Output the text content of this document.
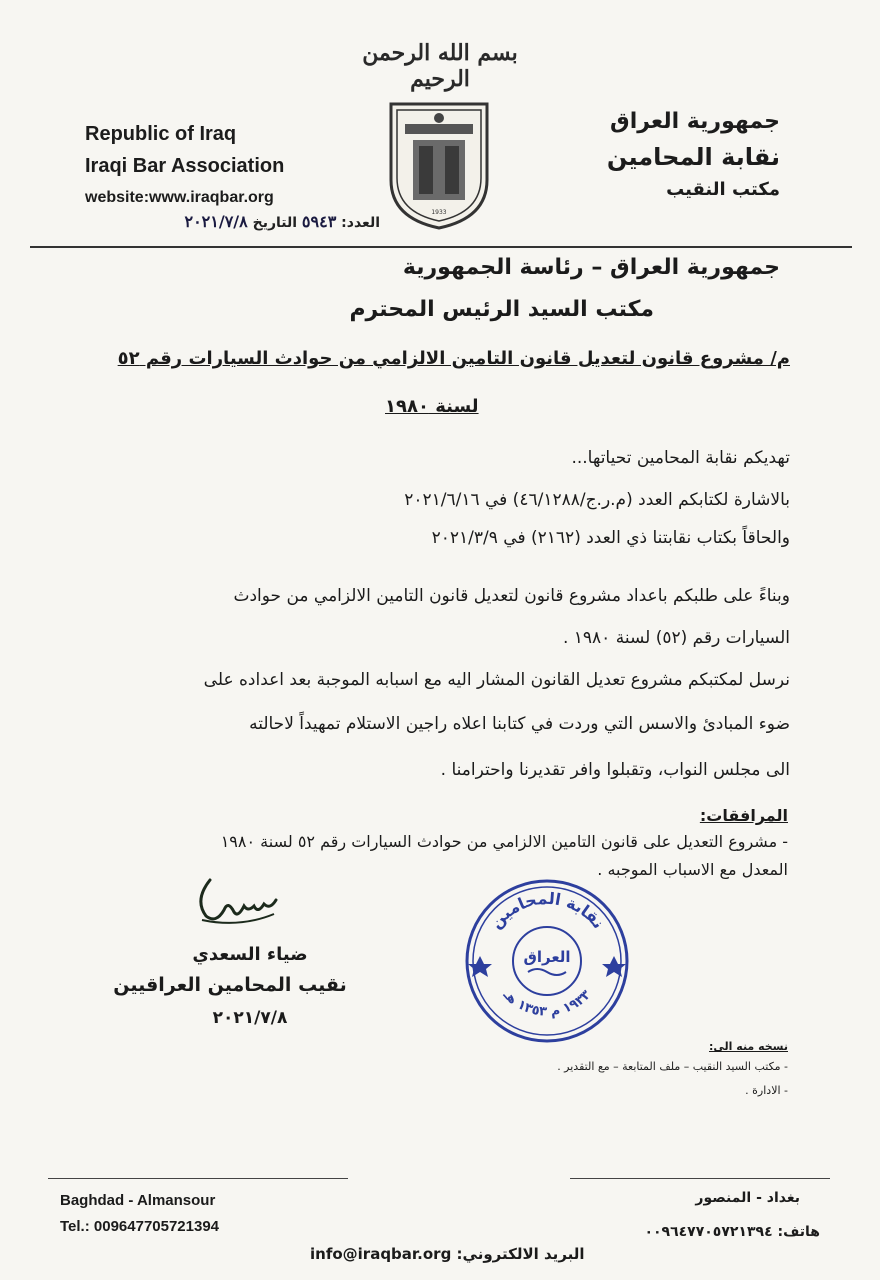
بسم الله الرحمن الرحيم
1933
Republic of Iraq
Iraqi Bar Association
website:www.iraqbar.org
جمهورية العراق
نقابة المحامين
مكتب النقيب
العدد: ٥٩٤٣ التاريخ ٢٠٢١/٧/٨
جمهورية العراق – رئاسة الجمهورية
مكتب السيد الرئيس المحترم
م/ مشروع قانون لتعديل قانون التامين الالزامي من حوادث السيارات رقم ٥٢
لسنة ١٩٨٠
تهديكم نقابة المحامين تحياتها...
بالاشارة لكتابكم العدد (م.ر.ج/٤٦/١٢٨٨) في ٢٠٢١/٦/١٦
والحاقاً بكتاب نقابتنا ذي العدد (٢١٦٢) في ٢٠٢١/٣/٩
وبناءً على طلبكم باعداد مشروع قانون لتعديل قانون التامين الالزامي من حوادث
السيارات رقم (٥٢) لسنة ١٩٨٠ .
نرسل لمكتبكم مشروع تعديل القانون المشار اليه مع اسبابه الموجبة بعد اعداده على
ضوء المبادئ والاسس التي وردت في كتابنا اعلاه راجين الاستلام تمهيداً لاحالته
الى مجلس النواب، وتقبلوا وافر تقديرنا واحترامنا .
المرافقات:
- مشروع التعديل على قانون التامين الالزامي من حوادث السيارات رقم ٥٢ لسنة ١٩٨٠
المعدل مع الاسباب الموجبه .
ضياء السعدي
نقيب المحامين العراقيين
٢٠٢١/٧/٨
نقابة المحامين
العراق
١٩٣٣ م ١٣٥٣ هـ
نسخه منه الى:
- مكتب السيد النقيب – ملف المتابعة – مع التقدير .
- الادارة .
Baghdad - Almansour
Tel.: 009647705721394
بغداد - المنصور
هاتف: ٠٠٩٦٤٧٧٠٥٧٢١٣٩٤
البريد الالكتروني: info@iraqbar.org
